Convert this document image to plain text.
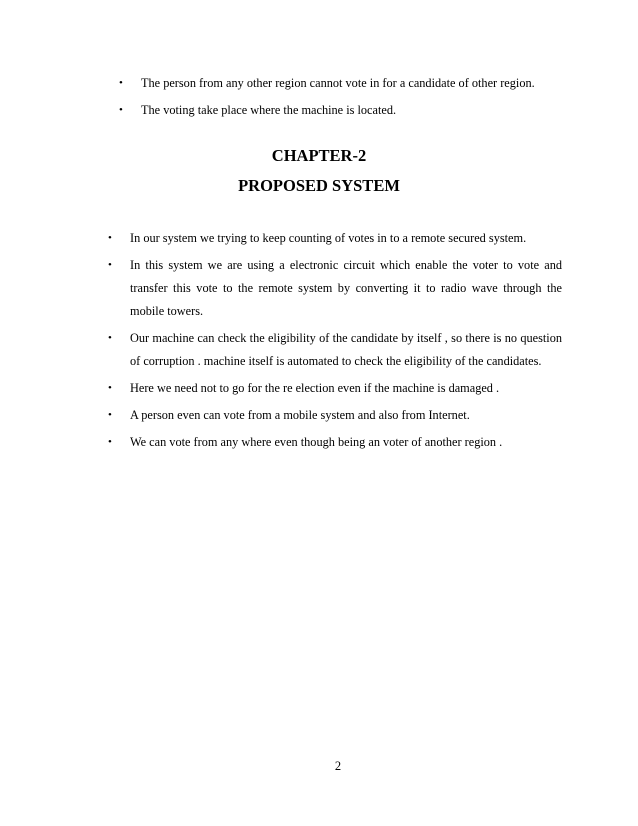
• The person from any other region cannot vote in for a candidate of other region.
• The voting take place where the machine is located.
CHAPTER-2
PROPOSED SYSTEM
• In our system we trying to keep counting of votes in to a remote secured system.
• In this system we are using a electronic circuit which enable the voter to vote and transfer this vote to the remote system by converting it to radio wave through the mobile towers.
• Our machine can check the eligibility of the candidate by itself , so there is no question of corruption . machine itself is automated to check the eligibility of the candidates.
• Here we need not to go for the re election even if the machine is damaged .
• A person even can vote from a mobile system and also from Internet.
• We can vote from any where even though being an voter of another region .
2
